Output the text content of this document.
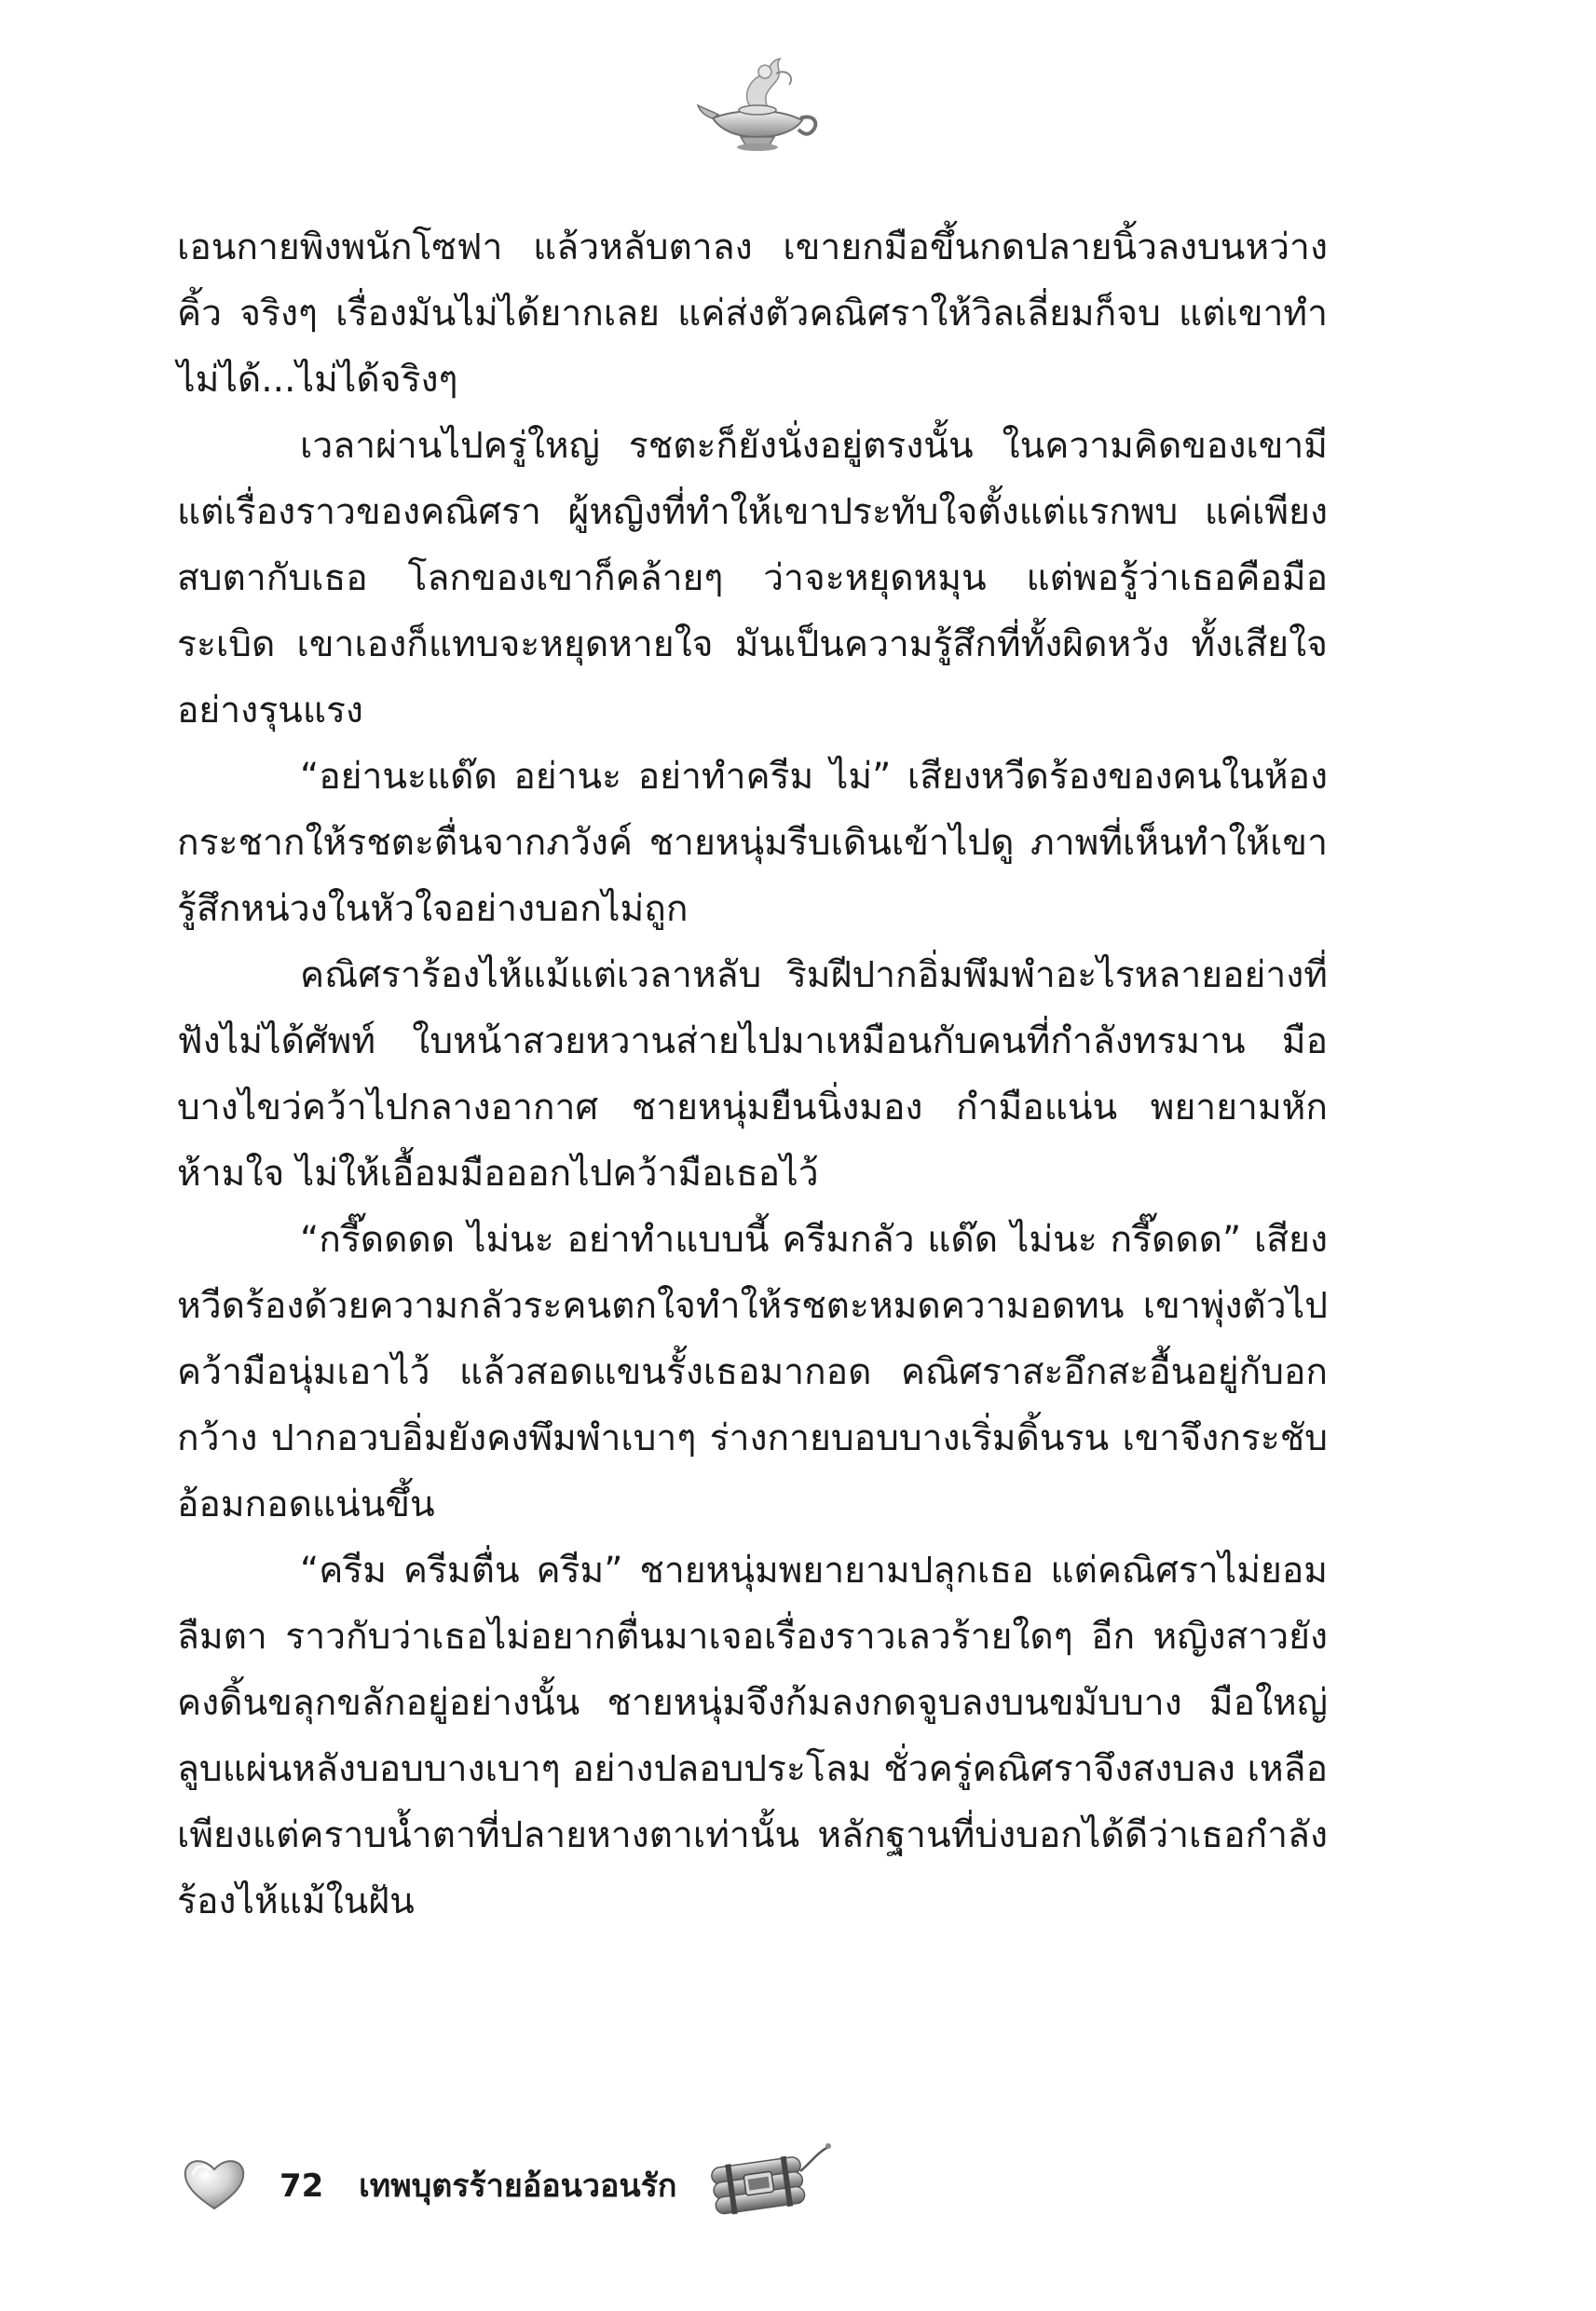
เอนกายพิงพนักโซฟา แล้วหลับตาลง เขายกมือขึ้นกดปลายนิ้วลงบนหว่างคิ้ว จริงๆ เรื่องมันไม่ได้ยากเลย แค่ส่งตัวคณิศราให้วิลเลี่ยมก็จบ แต่เขาทำไม่ได้...ไม่ได้จริงๆ

เวลาผ่านไปครู่ใหญ่ รชตะก็ยังนั่งอยู่ตรงนั้น ในความคิดของเขามีแต่เรื่องราวของคณิศรา ผู้หญิงที่ทำให้เขาประทับใจตั้งแต่แรกพบ แค่เพียงสบตากับเธอ โลกของเขาก็คล้ายๆ ว่าจะหยุดหมุน แต่พอรู้ว่าเธอคือมือระเบิด เขาเองก็แทบจะหยุดหายใจ มันเป็นความรู้สึกที่ทั้งผิดหวัง ทั้งเสียใจอย่างรุนแรง

“อย่านะแด๊ด อย่านะ อย่าทำครีม ไม่” เสียงหวีดร้องของคนในห้องกระชากให้รชตะตื่นจากภวังค์ ชายหนุ่มรีบเดินเข้าไปดู ภาพที่เห็นทำให้เขารู้สึกหน่วงในหัวใจอย่างบอกไม่ถูก

คณิศราร้องไห้แม้แต่เวลาหลับ ริมฝีปากอิ่มพึมพำอะไรหลายอย่างที่ฟังไม่ได้ศัพท์ ใบหน้าสวยหวานส่ายไปมาเหมือนกับคนที่กำลังทรมาน มือบางไขว่คว้าไปกลางอากาศ ชายหนุ่มยืนนิ่งมอง กำมือแน่น พยายามหักห้ามใจ ไม่ให้เอื้อมมือออกไปคว้ามือเธอไว้

“กรี๊ดดดด ไม่นะ อย่าทำแบบนี้ ครีมกลัว แด๊ด ไม่นะ กรี๊ดดด” เสียงหวีดร้องด้วยความกลัวระคนตกใจทำให้รชตะหมดความอดทน เขาพุ่งตัวไปคว้ามือนุ่มเอาไว้ แล้วสอดแขนรั้งเธอมากอด คณิศราสะอึกสะอื้นอยู่กับอกกว้าง ปากอวบอิ่มยังคงพึมพำเบาๆ ร่างกายบอบบางเริ่มดิ้นรน เขาจึงกระชับอ้อมกอดแน่นขึ้น

“ครีม ครีมตื่น ครีม” ชายหนุ่มพยายามปลุกเธอ แต่คณิศราไม่ยอมลืมตา ราวกับว่าเธอไม่อยากตื่นมาเจอเรื่องราวเลวร้ายใดๆ อีก หญิงสาวยังคงดิ้นขลุกขลักอยู่อย่างนั้น ชายหนุ่มจึงก้มลงกดจูบลงบนขมับบาง มือใหญ่ลูบแผ่นหลังบอบบางเบาๆ อย่างปลอบประโลม ชั่วครู่คณิศราจึงสงบลง เหลือเพียงแต่คราบน้ำตาที่ปลายหางตาเท่านั้น หลักฐานที่บ่งบอกได้ดีว่าเธอกำลังร้องไห้แม้ในฝัน

72 เทพบุตรร้ายอ้อนวอนรัก
